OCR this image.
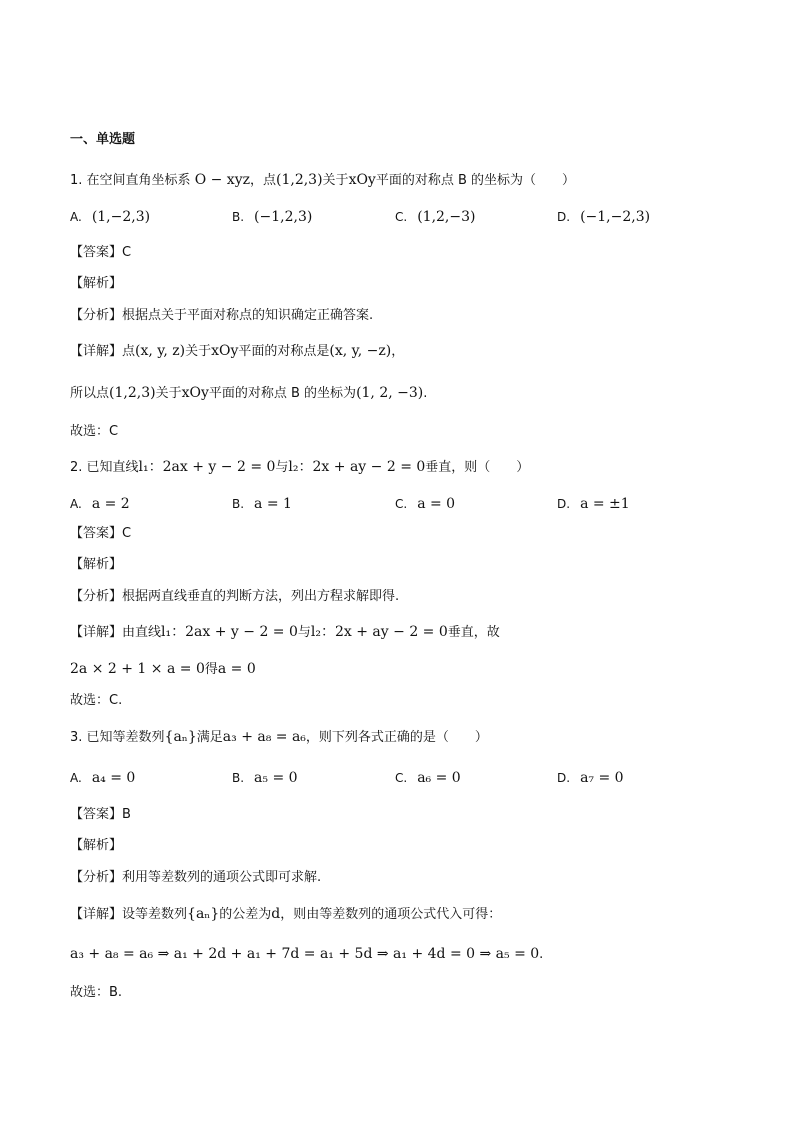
一、单选题
1. 在空间直角坐标系 O − xyz，点(1,2,3)关于xOy平面的对称点 B 的坐标为（　　）
A. (1,−2,3)	B. (−1,2,3)	C. (1,2,−3)	D. (−1,−2,3)
【答案】C
【解析】
【分析】根据点关于平面对称点的知识确定正确答案.
【详解】点(x, y, z)关于xOy平面的对称点是(x, y, −z)，
所以点(1,2,3)关于xOy平面的对称点 B 的坐标为(1, 2, −3).
故选：C
2. 已知直线l₁：2ax + y − 2 = 0与l₂：2x + ay − 2 = 0垂直，则（　　）
A. a = 2	B. a = 1	C. a = 0	D. a = ±1
【答案】C
【解析】
【分析】根据两直线垂直的判断方法，列出方程求解即得.
【详解】由直线l₁：2ax + y − 2 = 0与l₂：2x + ay − 2 = 0垂直，故
2a × 2 + 1 × a = 0得a = 0
故选：C.
3. 已知等差数列{aₙ}满足a₃ + a₈ = a₆，则下列各式正确的是（　　）
A. a₄ = 0	B. a₅ = 0	C. a₆ = 0	D. a₇ = 0
【答案】B
【解析】
【分析】利用等差数列的通项公式即可求解.
【详解】设等差数列{aₙ}的公差为d，则由等差数列的通项公式代入可得：
a₃ + a₈ = a₆ ⇒ a₁ + 2d + a₁ + 7d = a₁ + 5d ⇒ a₁ + 4d = 0 ⇒ a₅ = 0.
故选：B.
